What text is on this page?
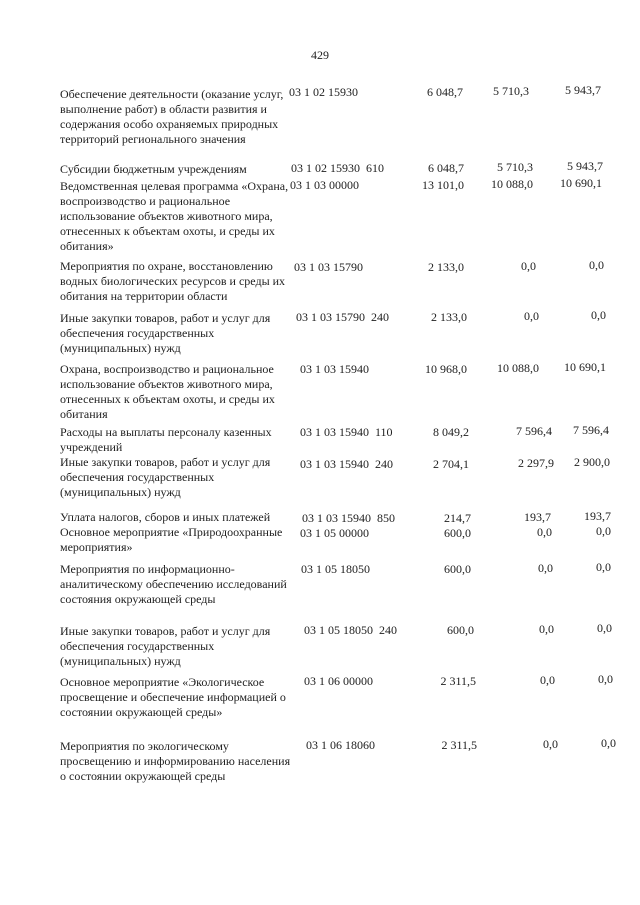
429
Обеспечение деятельности (оказание услуг, выполнение работ) в области развития и содержания особо охраняемых природных территорий регионального значения
03 1 02 15930	6 048,7	5 710,3	5 943,7
Субсидии бюджетным учреждениям	03 1 02 15930  610	6 048,7	5 710,3	5 943,7
Ведомственная целевая программа «Охрана, воспроизводство и рациональное использование объектов животного мира, отнесенных к объектам охоты, и среды их обитания»
03 1 03 00000	13 101,0	10 088,0	10 690,1
Мероприятия по охране, восстановлению водных биологических ресурсов и среды их обитания на территории области
03 1 03 15790	2 133,0	0,0	0,0
Иные закупки товаров, работ и услуг для обеспечения государственных (муниципальных) нужд
03 1 03 15790  240	2 133,0	0,0	0,0
Охрана, воспроизводство и рациональное использование объектов животного мира, отнесенных к объектам охоты, и среды их обитания
03 1 03 15940	10 968,0	10 088,0	10 690,1
Расходы на выплаты персоналу казенных учреждений
03 1 03 15940  110	8 049,2	7 596,4	7 596,4
Иные закупки товаров, работ и услуг для обеспечения государственных (муниципальных) нужд
03 1 03 15940  240	2 704,1	2 297,9	2 900,0
Уплата налогов, сборов и иных платежей	03 1 03 15940  850	214,7	193,7	193,7
Основное мероприятие «Природоохранные мероприятия»
03 1 05 00000	600,0	0,0	0,0
Мероприятия по информационно-аналитическому обеспечению исследований состояния окружающей среды
03 1 05 18050	600,0	0,0	0,0
Иные закупки товаров, работ и услуг для обеспечения государственных (муниципальных) нужд
03 1 05 18050  240	600,0	0,0	0,0
Основное мероприятие «Экологическое просвещение и обеспечение информацией о состоянии окружающей среды»
03 1 06 00000	2 311,5	0,0	0,0
Мероприятия по экологическому просвещению и информированию населения о состоянии окружающей среды
03 1 06 18060	2 311,5	0,0	0,0
